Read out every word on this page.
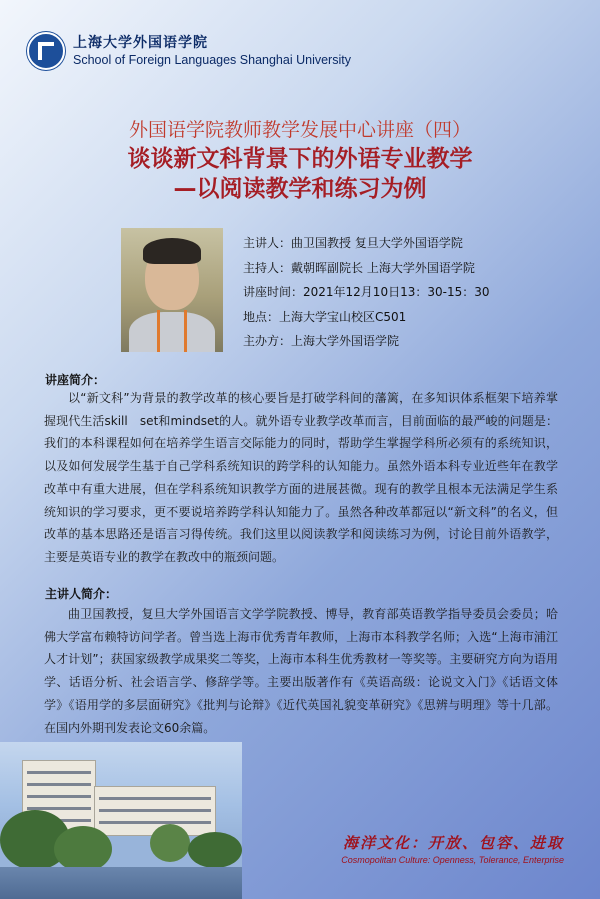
上海大学外国语学院
School of Foreign Languages Shanghai University
外国语学院教师教学发展中心讲座（四）
谈谈新文科背景下的外语专业教学
—以阅读教学和练习为例
主讲人：曲卫国教授 复旦大学外国语学院
主持人：戴朝晖副院长 上海大学外国语学院
讲座时间：2021年12月10日13：30-15：30
地点：上海大学宝山校区C501
主办方：上海大学外国语学院
讲座简介：
以“新文科”为背景的教学改革的核心要旨是打破学科间的藩篱，在多知识体系框架下培养掌握现代生活skill　set和mindset的人。就外语专业教学改革而言，目前面临的最严峻的问题是：我们的本科课程如何在培养学生语言交际能力的同时，帮助学生掌握学科所必须有的系统知识，以及如何发展学生基于自己学科系统知识的跨学科的认知能力。虽然外语本科专业近些年在教学改革中有重大进展，但在学科系统知识教学方面的进展甚微。现有的教学且根本无法满足学生系统知识的学习要求，更不要说培养跨学科认知能力了。虽然各种改革都冠以“新文科”的名义，但改革的基本思路还是语言习得传统。我们这里以阅读教学和阅读练习为例，讨论目前外语教学，主要是英语专业的教学在教改中的瓶颈问题。
主讲人简介：
曲卫国教授，复旦大学外国语言文学学院教授、博导，教育部英语教学指导委员会委员；哈佛大学富布赖特访问学者。曾当选上海市优秀青年教师，上海市本科教学名师；入选“上海市浦江人才计划”；获国家级教学成果奖二等奖，上海市本科生优秀教材一等奖等。主要研究方向为语用学、话语分析、社会语言学、修辞学等。主要出版著作有《英语高级：论说文入门》《话语文体学》《语用学的多层面研究》《批判与论辩》《近代英国礼貌变革研究》《思辨与明理》等十几部。在国内外期刊发表论文60余篇。
海洋文化：开放、包容、进取
Cosmopolitan Culture: Openness, Tolerance, Enterprise
